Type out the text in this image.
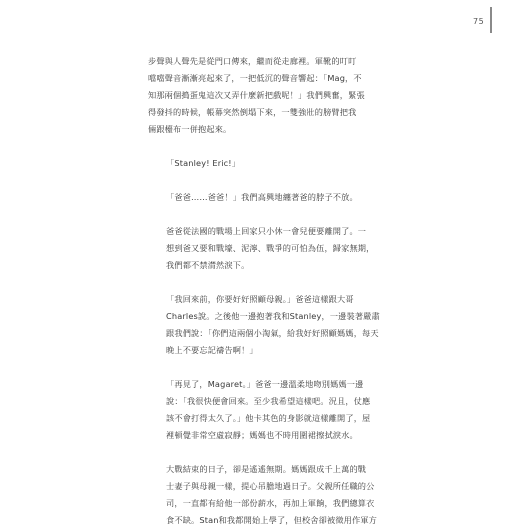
75

步聲與人聲先是從門口傳來，繼而從走廊裡。軍靴的叮叮
噹噹聲音漸漸亮起來了，一把低沉的聲音響起：「Mag，不
知那兩個搗蛋鬼這次又弄什麼新把戲呢！」我們興奮，緊張
得發抖的時候，帳幕突然倒塌下來，一雙強壯的膀臂把我
倆跟檯布一併抱起來。

「Stanley! Eric!」

「爸爸……爸爸！」我們高興地纏著爸的脖子不放。

爸爸從法國的戰場上回家只小休一會兒便要離開了。一
想到爸又要和戰壕、泥濘、戰爭的可怕為伍，歸家無期，
我們都不禁潸然淚下。

「我回來前，你要好好照顧母親。」爸爸這樣跟大哥
Charles說。之後他一邊抱著我和Stanley，一邊裝著嚴肅
跟我們說：「你們這兩個小淘氣，給我好好照顧媽媽，每天
晚上不要忘記禱告啊！」

「再見了，Magaret。」爸爸一邊溫柔地吻別媽媽一邊
說：「我很快便會回來。至少我希望這樣吧。況且，仗應
該不會打得太久了。」他卡其色的身影就這樣離開了，屋
裡頓覺非常空虛寂靜；媽媽也不時用圍裙擦拭淚水。

大戰結束的日子，卻是遙遙無期。媽媽跟成千上萬的戰
士妻子與母親一樣，提心吊膽地過日子。父親所任職的公
司，一直都有給他一部份薪水，再加上軍餉，我們總算衣
食不缺。Stan和我都開始上學了，但校舍卻被徵用作軍方
